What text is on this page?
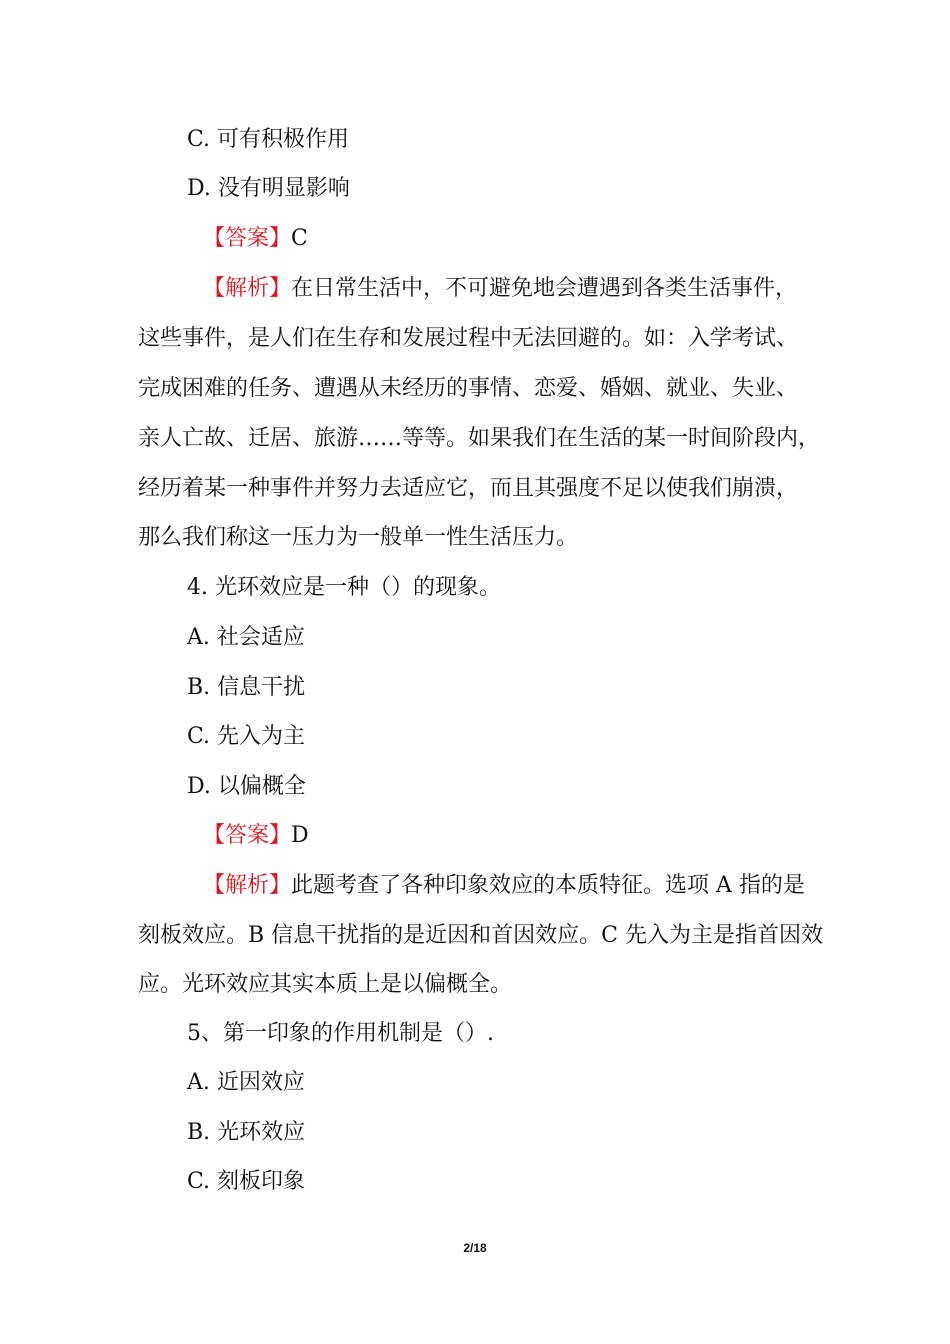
C. 可有积极作用

D. 没有明显影响

【答案】C

【解析】在日常生活中，不可避免地会遭遇到各类生活事件，

这些事件，是人们在生存和发展过程中无法回避的。如：入学考试、

完成困难的任务、遭遇从未经历的事情、恋爱、婚姻、就业、失业、

亲人亡故、迁居、旅游……等等。如果我们在生活的某一时间阶段内，

经历着某一种事件并努力去适应它，而且其强度不足以使我们崩溃，

那么我们称这一压力为一般单一性生活压力。

4. 光环效应是一种（）的现象。

A. 社会适应

B. 信息干扰

C. 先入为主

D. 以偏概全

【答案】D

【解析】此题考查了各种印象效应的本质特征。选项 A 指的是

刻板效应。B 信息干扰指的是近因和首因效应。C 先入为主是指首因效

应。光环效应其实本质上是以偏概全。

5、第一印象的作用机制是（）.

A. 近因效应

B. 光环效应

C. 刻板印象

2/18
